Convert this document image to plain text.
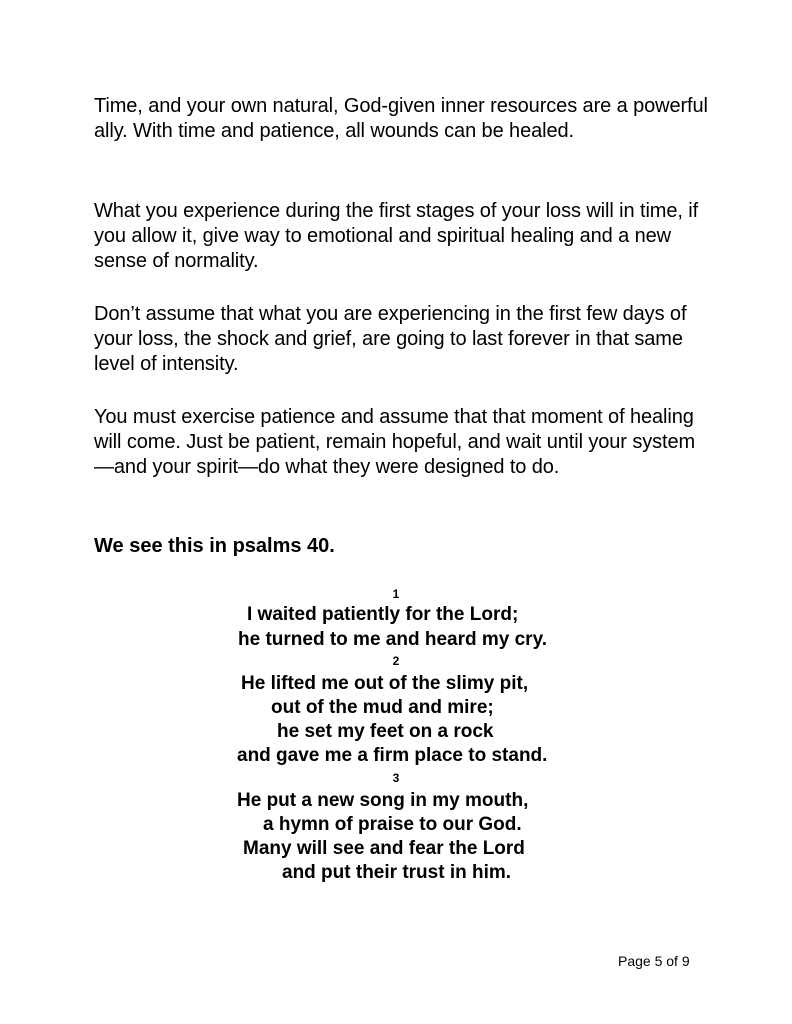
Time, and your own natural, God-given inner resources are a powerful ally. With time and patience, all wounds can be healed.

What you experience during the first stages of your loss will in time, if you allow it, give way to emotional and spiritual healing and a new sense of normality.

Don’t assume that what you are experiencing in the first few days of your loss, the shock and grief, are going to last forever in that same level of intensity.

You must exercise patience and assume that that moment of healing will come. Just be patient, remain hopeful, and wait until your system—and your spirit—do what they were designed to do.

We see this in psalms 40.

1
I waited patiently for the Lord;
he turned to me and heard my cry.
2
He lifted me out of the slimy pit,
out of the mud and mire;
he set my feet on a rock
and gave me a firm place to stand.
3
He put a new song in my mouth,
a hymn of praise to our God.
Many will see and fear the Lord
and put their trust in him.
Page 5 of 9
